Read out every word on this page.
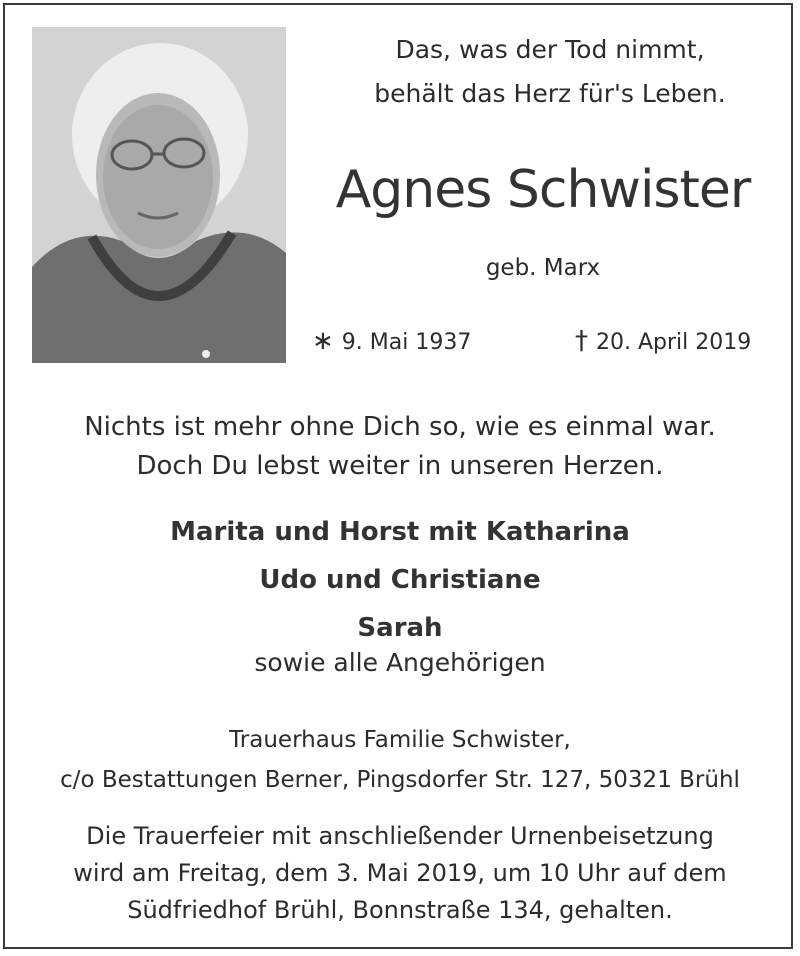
Das, was der Tod nimmt,
behält das Herz für's Leben.
Agnes Schwister
geb. Marx
∗ 9. Mai 1937	† 20. April 2019
Nichts ist mehr ohne Dich so, wie es einmal war.
Doch Du lebst weiter in unseren Herzen.
Marita und Horst mit Katharina
Udo und Christiane
Sarah
sowie alle Angehörigen
Trauerhaus Familie Schwister,
c/o Bestattungen Berner, Pingsdorfer Str. 127, 50321 Brühl
Die Trauerfeier mit anschließender Urnenbeisetzung
wird am Freitag, dem 3. Mai 2019, um 10 Uhr auf dem
Südfriedhof Brühl, Bonnstraße 134, gehalten.
